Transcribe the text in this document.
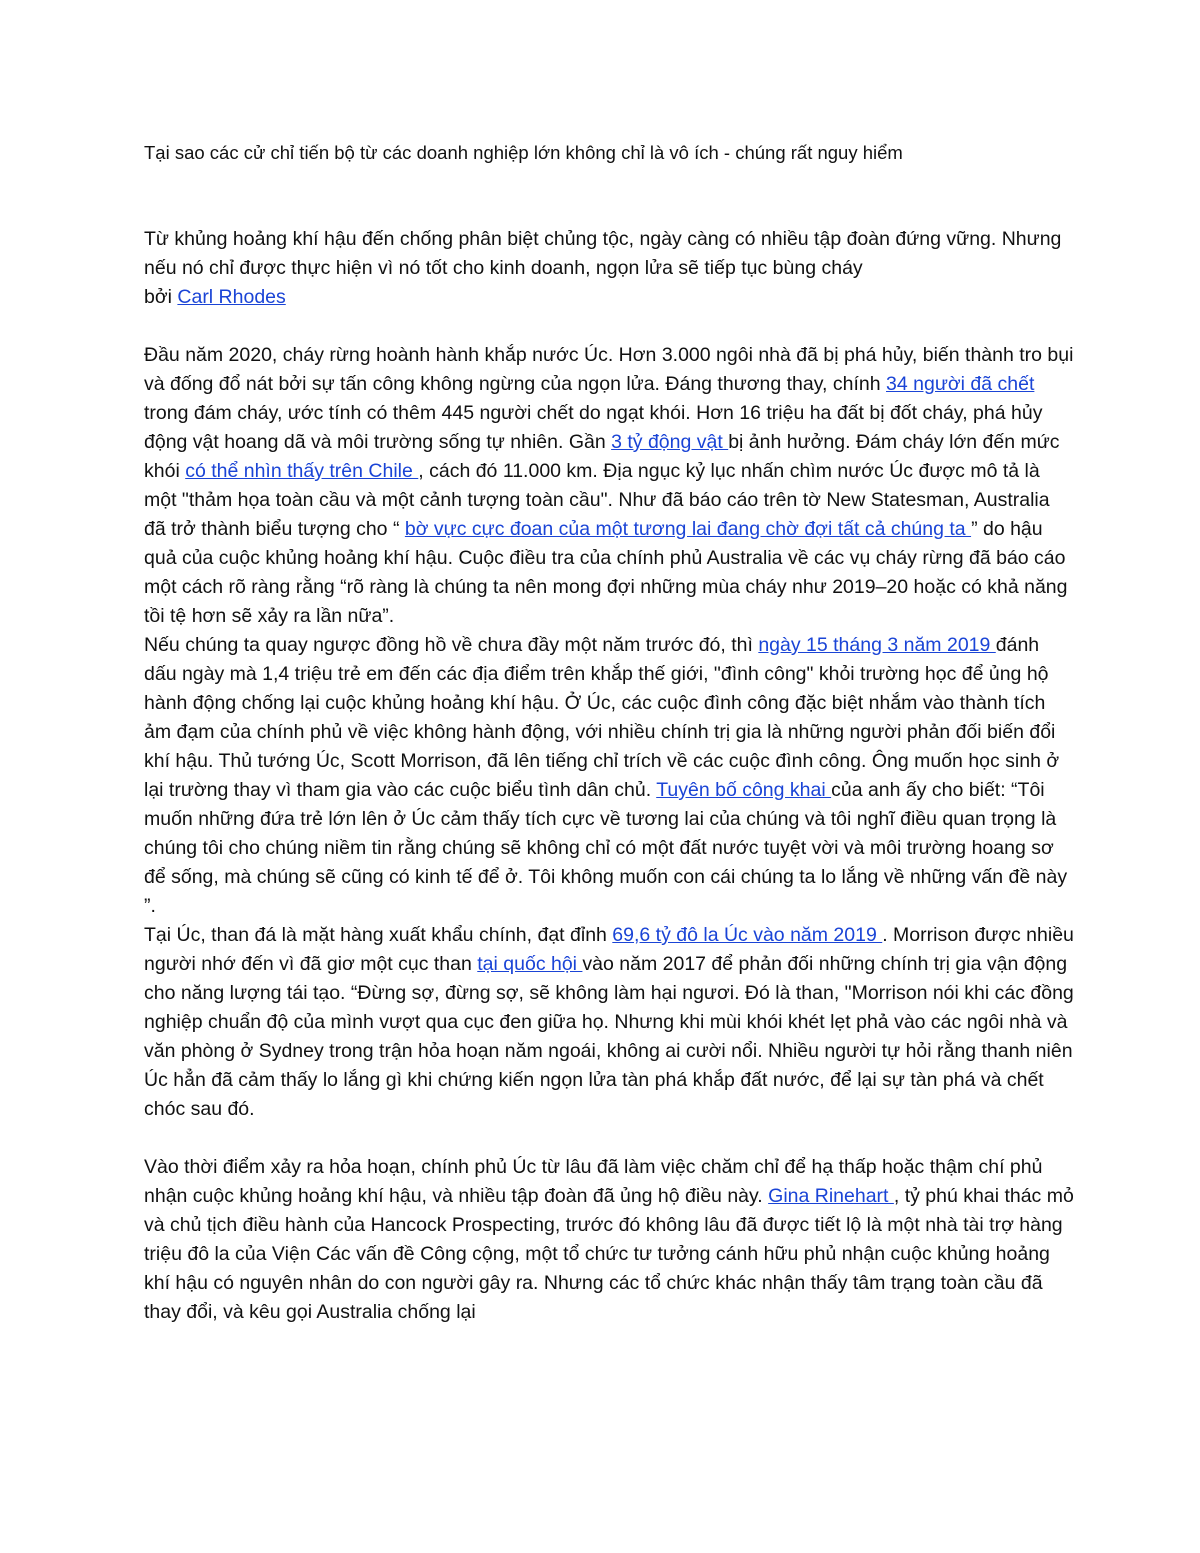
Tại sao các cử chỉ tiến bộ từ các doanh nghiệp lớn không chỉ là vô ích - chúng rất nguy hiểm

Từ khủng hoảng khí hậu đến chống phân biệt chủng tộc, ngày càng có nhiều tập đoàn đứng vững. Nhưng nếu nó chỉ được thực hiện vì nó tốt cho kinh doanh, ngọn lửa sẽ tiếp tục bùng cháy

bởi Carl Rhodes

Đầu năm 2020, cháy rừng hoành hành khắp nước Úc. Hơn 3.000 ngôi nhà đã bị phá hủy, biến thành tro bụi và đống đổ nát bởi sự tấn công không ngừng của ngọn lửa. Đáng thương thay, chính 34 người đã chết trong đám cháy, ước tính có thêm 445 người chết do ngạt khói. Hơn 16 triệu ha đất bị đốt cháy, phá hủy động vật hoang dã và môi trường sống tự nhiên. Gần 3 tỷ động vật bị ảnh hưởng. Đám cháy lớn đến mức khói có thể nhìn thấy trên Chile , cách đó 11.000 km. Địa ngục kỷ lục nhấn chìm nước Úc được mô tả là một "thảm họa toàn cầu và một cảnh tượng toàn cầu". Như đã báo cáo trên tờ New Statesman, Australia đã trở thành biểu tượng cho “ bờ vực cực đoan của một tương lai đang chờ đợi tất cả chúng ta ” do hậu quả của cuộc khủng hoảng khí hậu. Cuộc điều tra của chính phủ Australia về các vụ cháy rừng đã báo cáo một cách rõ ràng rằng “rõ ràng là chúng ta nên mong đợi những mùa cháy như 2019–20 hoặc có khả năng tồi tệ hơn sẽ xảy ra lần nữa”.

Nếu chúng ta quay ngược đồng hồ về chưa đầy một năm trước đó, thì ngày 15 tháng 3 năm 2019 đánh dấu ngày mà 1,4 triệu trẻ em đến các địa điểm trên khắp thế giới, "đình công" khỏi trường học để ủng hộ hành động chống lại cuộc khủng hoảng khí hậu. Ở Úc, các cuộc đình công đặc biệt nhắm vào thành tích ảm đạm của chính phủ về việc không hành động, với nhiều chính trị gia là những người phản đối biến đổi khí hậu. Thủ tướng Úc, Scott Morrison, đã lên tiếng chỉ trích về các cuộc đình công. Ông muốn học sinh ở lại trường thay vì tham gia vào các cuộc biểu tình dân chủ. Tuyên bố công khai của anh ấy cho biết: “Tôi muốn những đứa trẻ lớn lên ở Úc cảm thấy tích cực về tương lai của chúng và tôi nghĩ điều quan trọng là chúng tôi cho chúng niềm tin rằng chúng sẽ không chỉ có một đất nước tuyệt vời và môi trường hoang sơ để sống, mà chúng sẽ cũng có kinh tế để ở. Tôi không muốn con cái chúng ta lo lắng về những vấn đề này ”.

Tại Úc, than đá là mặt hàng xuất khẩu chính, đạt đỉnh 69,6 tỷ đô la Úc vào năm 2019 . Morrison được nhiều người nhớ đến vì đã giơ một cục than tại quốc hội vào năm 2017 để phản đối những chính trị gia vận động cho năng lượng tái tạo. “Đừng sợ, đừng sợ, sẽ không làm hại ngươi. Đó là than, "Morrison nói khi các đồng nghiệp chuẩn độ của mình vượt qua cục đen giữa họ. Nhưng khi mùi khói khét lẹt phả vào các ngôi nhà và văn phòng ở Sydney trong trận hỏa hoạn năm ngoái, không ai cười nổi. Nhiều người tự hỏi rằng thanh niên Úc hẳn đã cảm thấy lo lắng gì khi chứng kiến ngọn lửa tàn phá khắp đất nước, để lại sự tàn phá và chết chóc sau đó.

Vào thời điểm xảy ra hỏa hoạn, chính phủ Úc từ lâu đã làm việc chăm chỉ để hạ thấp hoặc thậm chí phủ nhận cuộc khủng hoảng khí hậu, và nhiều tập đoàn đã ủng hộ điều này. Gina Rinehart , tỷ phú khai thác mỏ và chủ tịch điều hành của Hancock Prospecting, trước đó không lâu đã được tiết lộ là một nhà tài trợ hàng triệu đô la của Viện Các vấn đề Công cộng, một tổ chức tư tưởng cánh hữu phủ nhận cuộc khủng hoảng khí hậu có nguyên nhân do con người gây ra. Nhưng các tổ chức khác nhận thấy tâm trạng toàn cầu đã thay đổi, và kêu gọi Australia chống lại
